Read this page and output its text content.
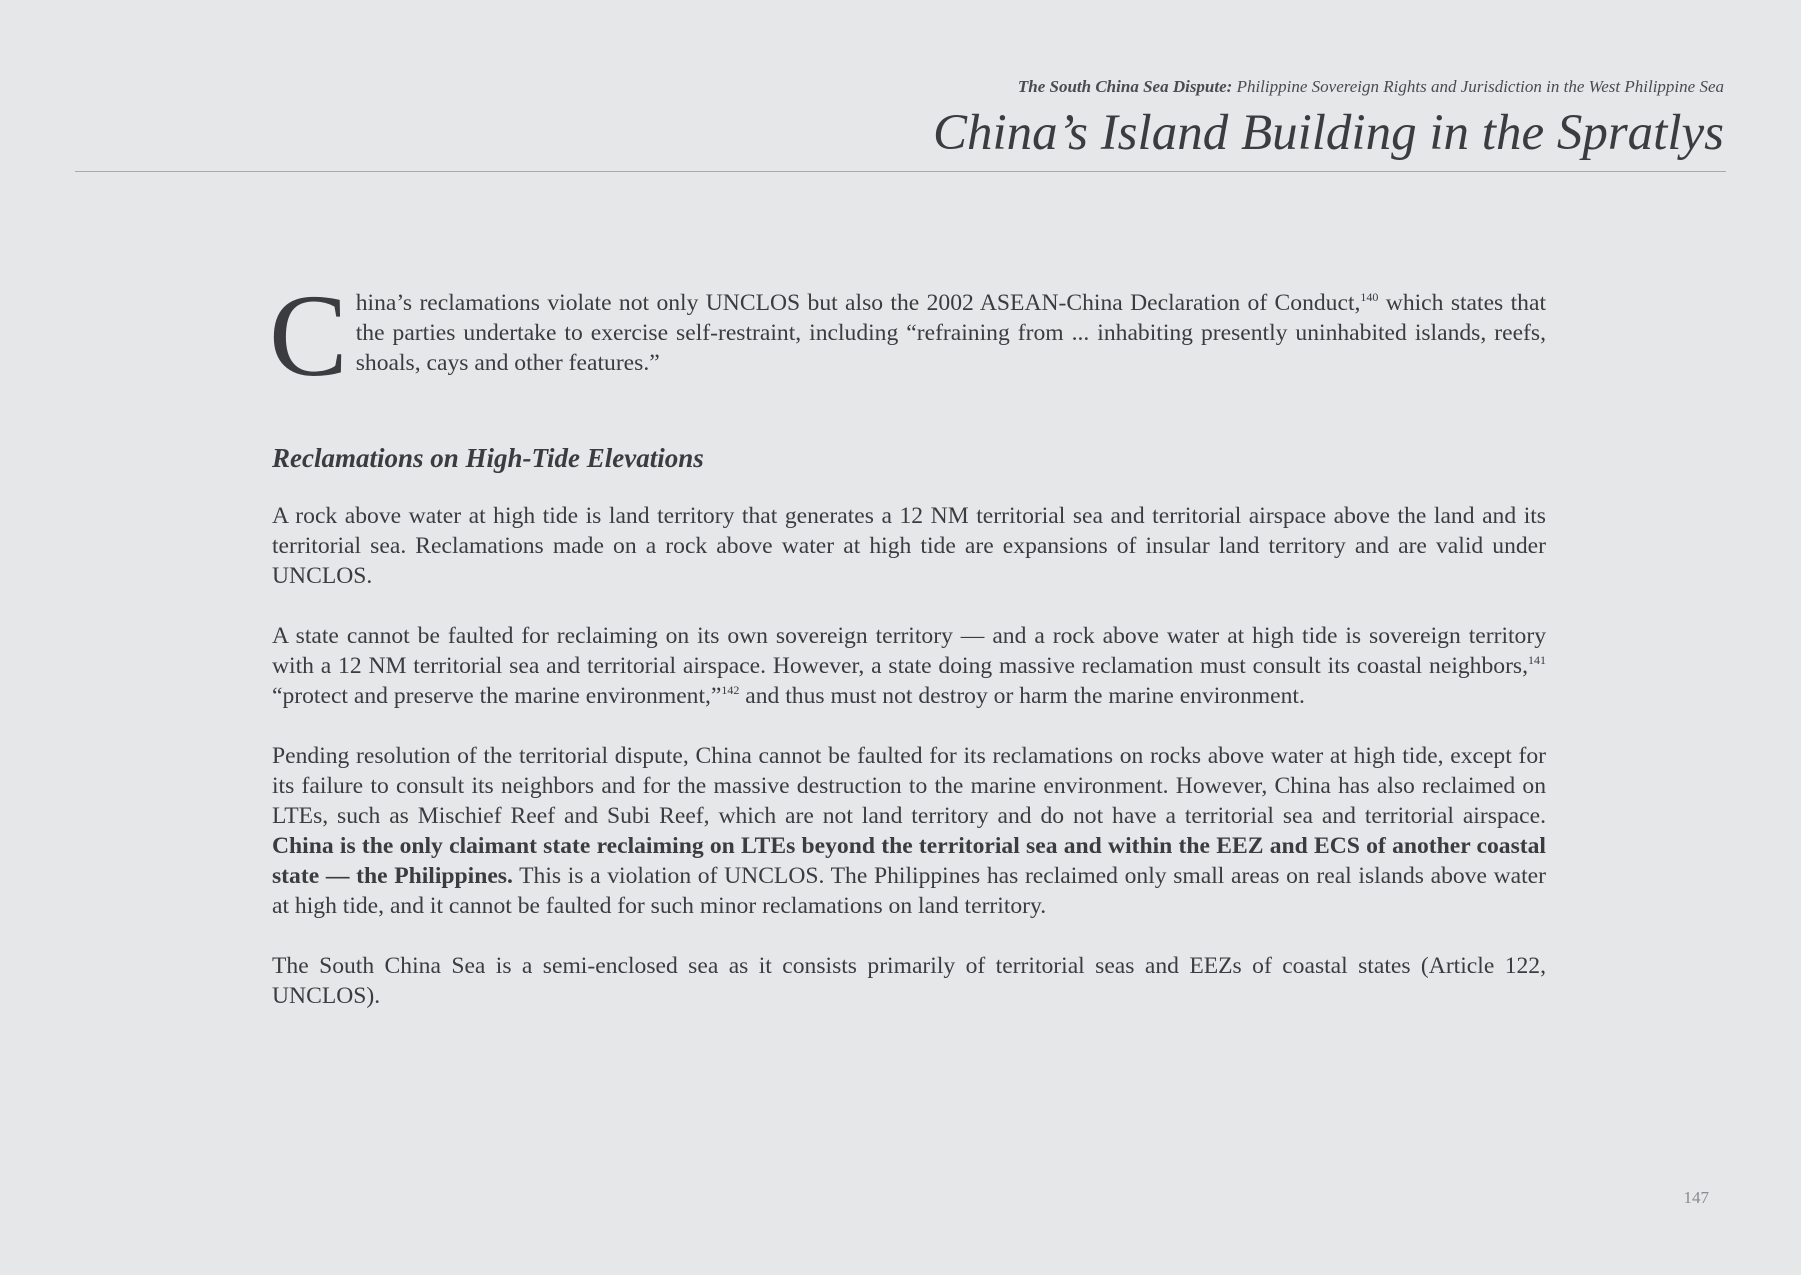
The South China Sea Dispute: Philippine Sovereign Rights and Jurisdiction in the West Philippine Sea
China’s Island Building in the Spratlys

China’s reclamations violate not only UNCLOS but also the 2002 ASEAN-China Declaration of Conduct,$^{140}$ which states that the parties undertake to exercise self-restraint, including “refraining from ... inhabiting presently uninhabited islands, reefs, shoals, cays and other features.”

Reclamations on High-Tide Elevations

A rock above water at high tide is land territory that generates a 12 NM territorial sea and territorial airspace above the land and its territorial sea. Reclamations made on a rock above water at high tide are expansions of insular land territory and are valid under UNCLOS.

A state cannot be faulted for reclaiming on its own sovereign territory — and a rock above water at high tide is sovereign territory with a 12 NM territorial sea and territorial airspace. However, a state doing massive reclamation must consult its coastal neighbors,$^{141}$ “protect and preserve the marine environment,”$^{142}$ and thus must not destroy or harm the marine environment.

Pending resolution of the territorial dispute, China cannot be faulted for its reclamations on rocks above water at high tide, except for its failure to consult its neighbors and for the massive destruction to the marine environment. However, China has also reclaimed on LTEs, such as Mischief Reef and Subi Reef, which are not land territory and do not have a territorial sea and territorial airspace. China is the only claimant state reclaiming on LTEs beyond the territorial sea and within the EEZ and ECS of another coastal state — the Philippines. This is a violation of UNCLOS. The Philippines has reclaimed only small areas on real islands above water at high tide, and it cannot be faulted for such minor reclamations on land territory.

The South China Sea is a semi-enclosed sea as it consists primarily of territorial seas and EEZs of coastal states (Article 122, UNCLOS).

147
